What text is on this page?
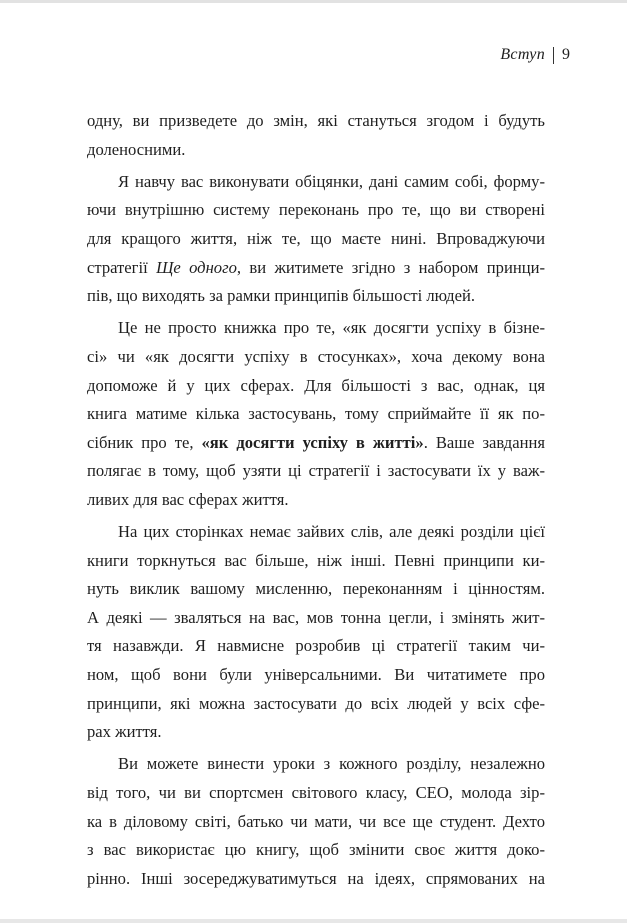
Вступ 9
одну, ви призведете до змін, які стануться згодом і будуть
доленосними.
Я навчу вас виконувати обіцянки, дані самим собі, форму-
ючи внутрішню систему переконань про те, що ви створені
для кращого життя, ніж те, що маєте нині. Впроваджуючи
стратегії Ще одного, ви житимете згідно з набором принци-
пів, що виходять за рамки принципів більшості людей.
Це не просто книжка про те, «як досягти успіху в бізне-
сі» чи «як досягти успіху в стосунках», хоча декому вона
допоможе й у цих сферах. Для більшості з вас, однак, ця
книга матиме кілька застосувань, тому сприймайте її як по-
сібник про те, «як досягти успіху в житті». Ваше завдання
полягає в тому, щоб узяти ці стратегії і застосувати їх у важ-
ливих для вас сферах життя.
На цих сторінках немає зайвих слів, але деякі розділи цієї
книги торкнуться вас більше, ніж інші. Певні принципи ки-
нуть виклик вашому мисленню, переконанням і цінностям.
А деякі — звалятьcя на вас, мов тонна цегли, і змінять жит-
тя назавжди. Я навмисне розробив ці стратегії таким чи-
ном, щоб вони були універсальними. Ви читатимете про
принципи, які можна застосувати до всіх людей у всіх сфе-
рах життя.
Ви можете винести уроки з кожного розділу, незалежно
від того, чи ви спортсмен світового класу, CEO, молода зір-
ка в діловому світі, батько чи мати, чи все ще студент. Дехто
з вас використає цю книгу, щоб змінити своє життя доко-
рінно. Інші зосереджуватимуться на ідеях, спрямованих на
